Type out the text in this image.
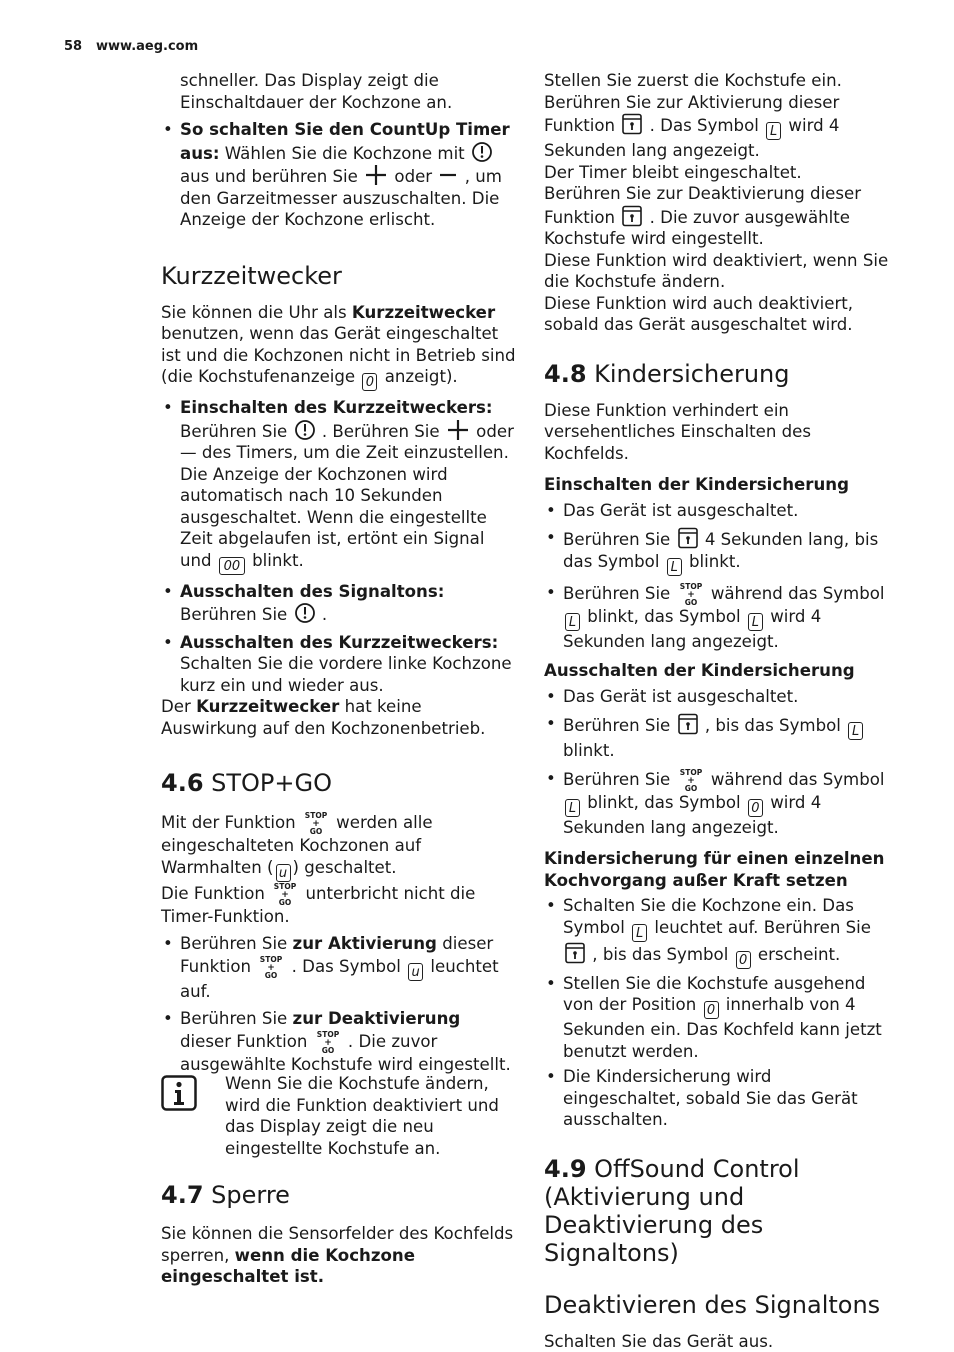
58 www.aeg.com

schneller. Das Display zeigt die Einschaltdauer der Kochzone an.

• So schalten Sie den CountUp Timer aus: Wählen Sie die Kochzone mit  aus und berühren Sie  oder  , um den Garzeitmesser auszuschalten. Die Anzeige der Kochzone erlischt.
Kurzzeitwecker

Sie können die Uhr als Kurzzeitwecker benutzen, wenn das Gerät eingeschaltet ist und die Kochzonen nicht in Betrieb sind (die Kochstufenanzeige 0 anzeigt).

• Einschalten des Kurzzeitweckers:
Berühren Sie  . Berühren Sie  oder — des Timers, um die Zeit einzustellen. Die Anzeige der Kochzonen wird automatisch nach 10 Sekunden ausgeschaltet. Wenn die eingestellte Zeit abgelaufen ist, ertönt ein Signal und 00 blinkt.
• Ausschalten des Signaltons: Berühren Sie  .
• Ausschalten des Kurzzeitweckers:
Schalten Sie die vordere linke Kochzone kurz ein und wieder aus.

Der Kurzzeitwecker hat keine Auswirkung auf den Kochzonenbetrieb.

4.6 STOP+GO

Mit der Funktion STOP
+
GO werden alle eingeschalteten Kochzonen auf Warmhalten ( u ) geschaltet.

Die Funktion STOP
+
GO unterbricht nicht die Timer-Funktion.

• Berühren Sie zur Aktivierung dieser Funktion STOP
+
GO . Das Symbol u leuchtet auf.
• Berühren Sie zur Deaktivierung dieser Funktion STOP
+
GO . Die zuvor ausgewählte Kochstufe wird eingestellt.
Wenn Sie die Kochstufe ändern, wird die Funktion deaktiviert und das Display zeigt die neu eingestellte Kochstufe an.
4.7 Sperre

Sie können die Sensorfelder des Kochfelds sperren, wenn die Kochzone eingeschaltet ist.

Stellen Sie zuerst die Kochstufe ein. Berühren Sie zur Aktivierung dieser Funktion  . Das Symbol L wird 4 Sekunden lang angezeigt.

Der Timer bleibt eingeschaltet.

Berühren Sie zur Deaktivierung dieser Funktion  . Die zuvor ausgewählte Kochstufe wird eingestellt.

Diese Funktion wird deaktiviert, wenn Sie die Kochstufe ändern.

Diese Funktion wird auch deaktiviert, sobald das Gerät ausgeschaltet wird.

4.8 Kindersicherung

Diese Funktion verhindert ein versehentliches Einschalten des Kochfelds.

Einschalten der Kindersicherung
• Das Gerät ist ausgeschaltet.
• Berühren Sie  4 Sekunden lang, bis das Symbol L blinkt.
• Berühren Sie STOP
+
GO während das Symbol L blinkt, das Symbol L wird 4 Sekunden lang angezeigt.
Ausschalten der Kindersicherung
• Das Gerät ist ausgeschaltet.
• Berühren Sie  , bis das Symbol L blinkt.
• Berühren Sie STOP
+
GO während das Symbol L blinkt, das Symbol 0 wird 4 Sekunden lang angezeigt.
Kindersicherung für einen einzelnen Kochvorgang außer Kraft setzen
• Schalten Sie die Kochzone ein. Das Symbol L leuchtet auf. Berühren Sie  , bis das Symbol 0 erscheint.
• Stellen Sie die Kochstufe ausgehend von der Position 0 innerhalb von 4 Sekunden ein. Das Kochfeld kann jetzt benutzt werden.
• Die Kindersicherung wird eingeschaltet, sobald Sie das Gerät ausschalten.
4.9 OffSound Control (Aktivierung und Deaktivierung des Signaltons)
Deaktivieren des Signaltons

Schalten Sie das Gerät aus.
